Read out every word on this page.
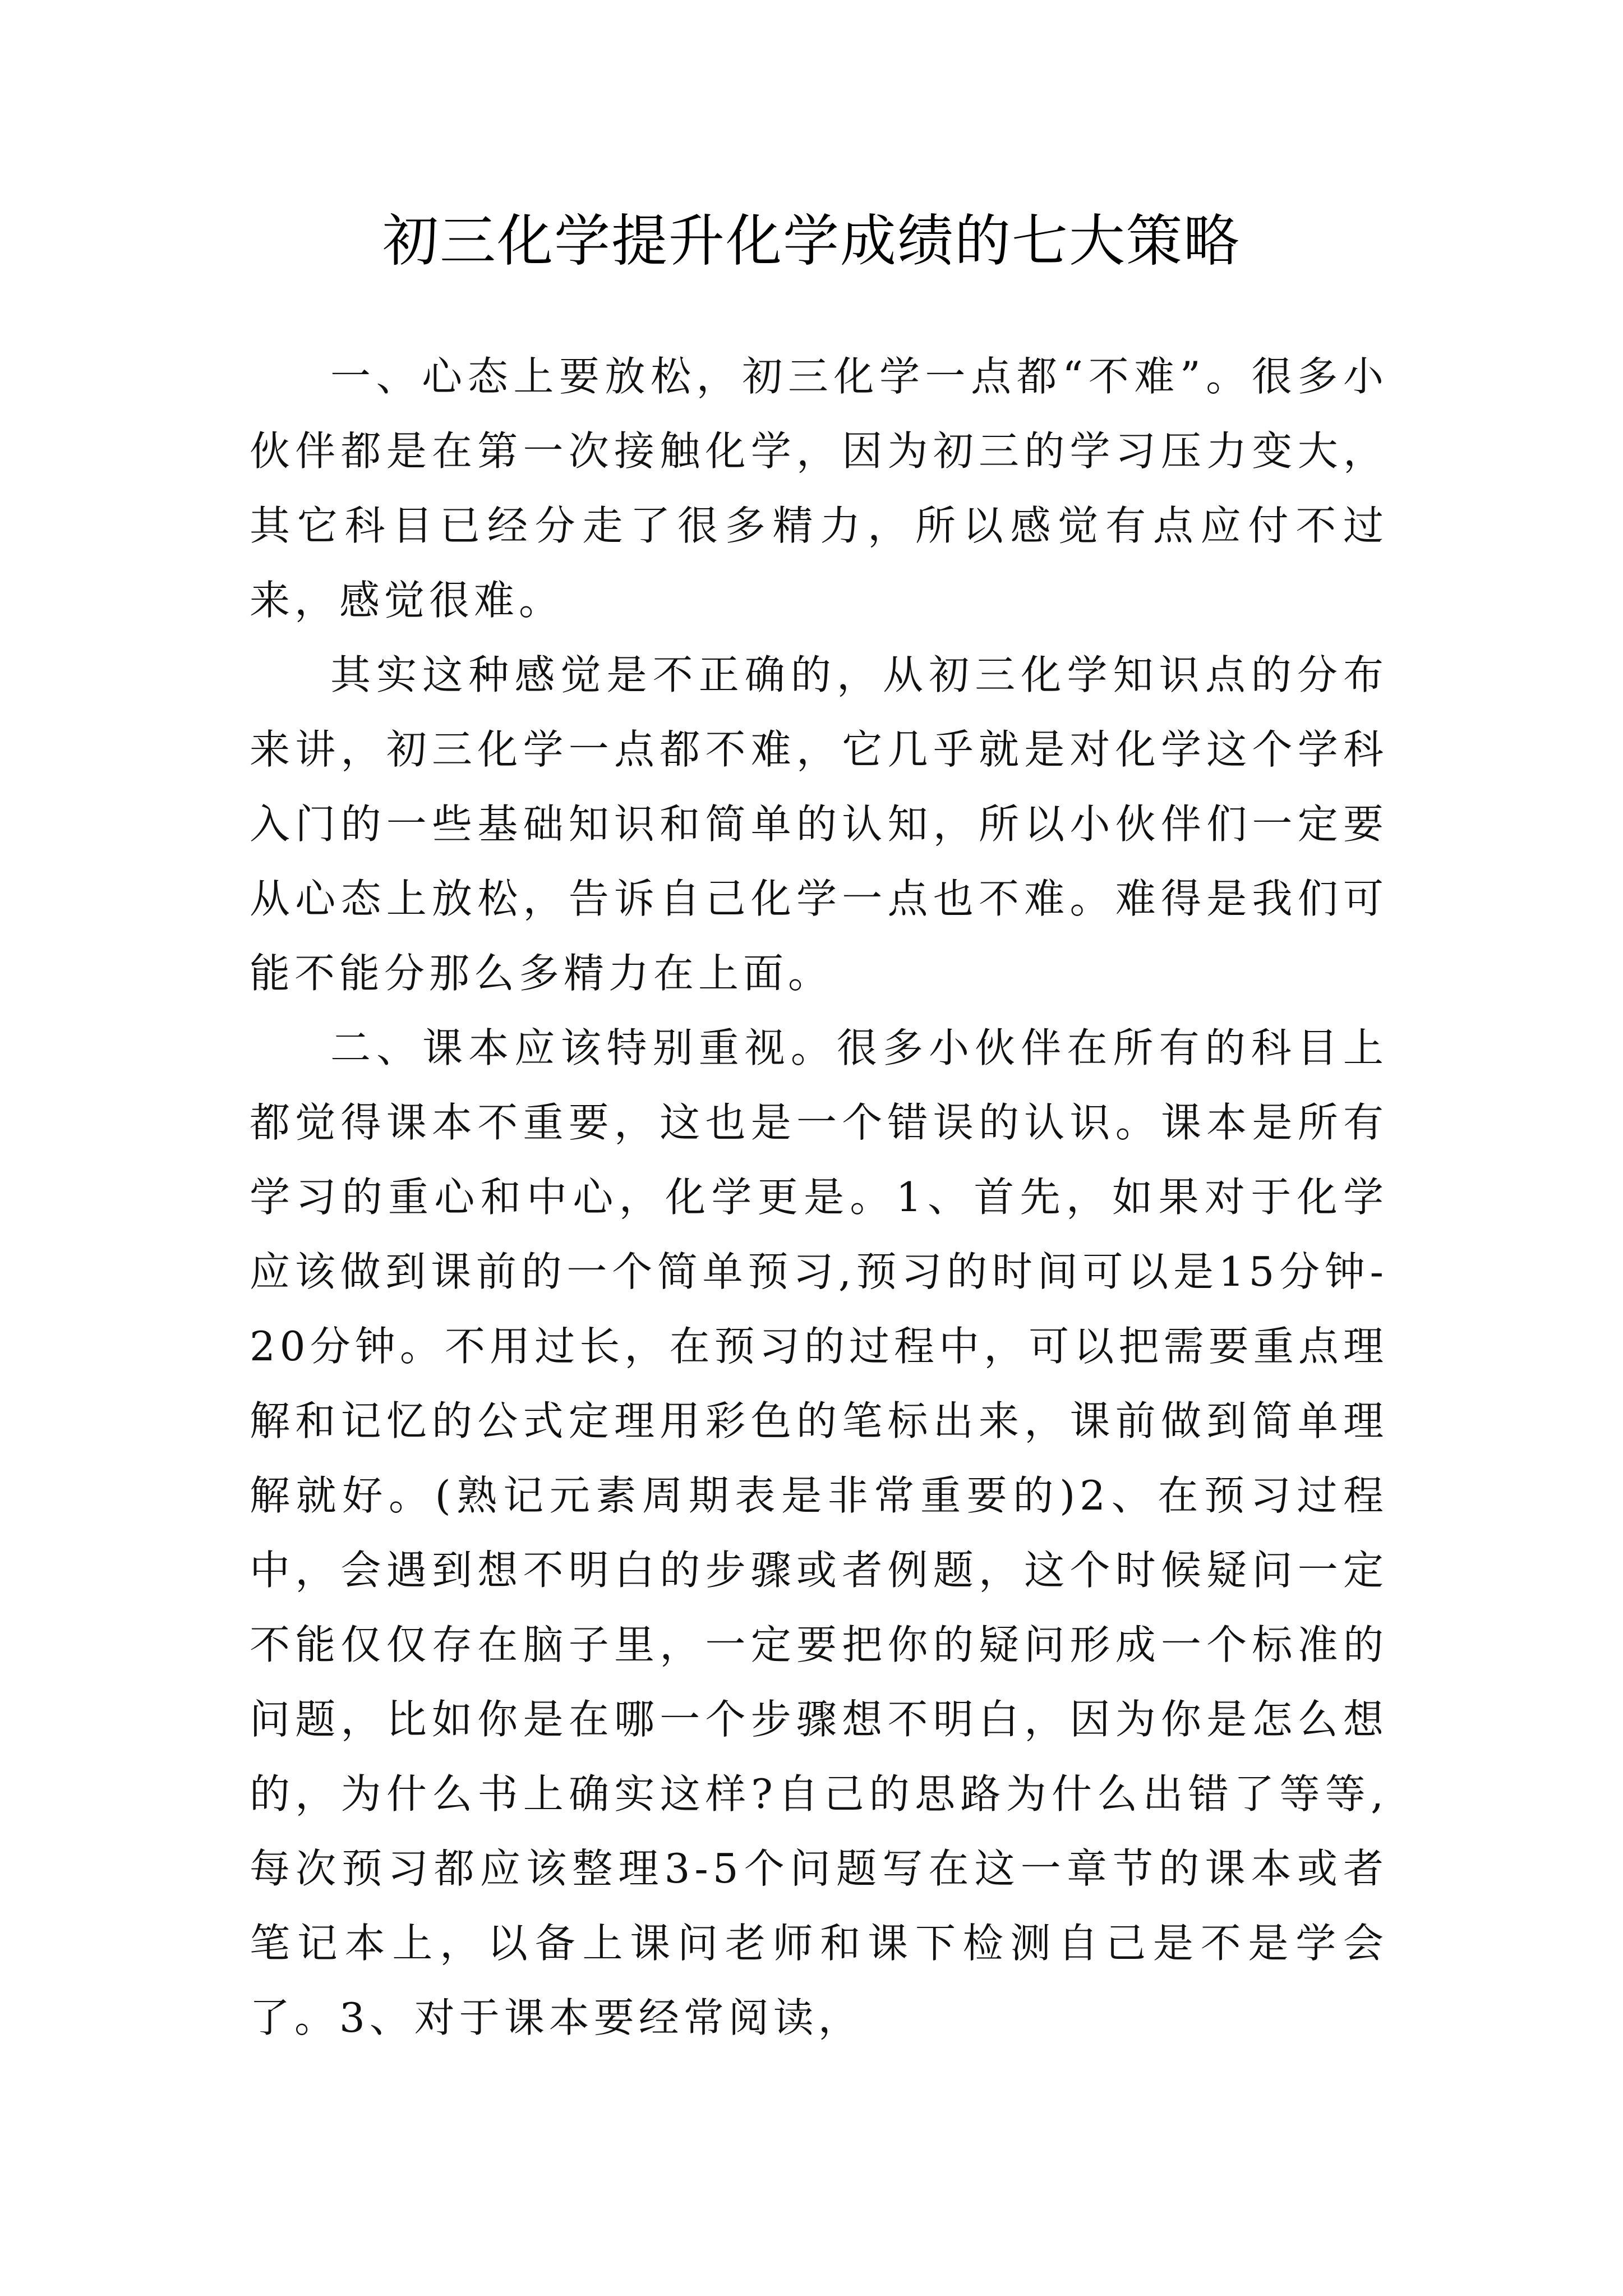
初三化学提升化学成绩的七大策略

一、心态上要放松，初三化学一点都“不难”。很多小伙伴都是在第一次接触化学，因为初三的学习压力变大，其它科目已经分走了很多精力，所以感觉有点应付不过来，感觉很难。

其实这种感觉是不正确的，从初三化学知识点的分布来讲，初三化学一点都不难，它几乎就是对化学这个学科入门的一些基础知识和简单的认知，所以小伙伴们一定要从心态上放松，告诉自己化学一点也不难。难得是我们可能不能分那么多精力在上面。

二、课本应该特别重视。很多小伙伴在所有的科目上都觉得课本不重要，这也是一个错误的认识。课本是所有学习的重心和中心，化学更是。1、首先，如果对于化学应该做到课前的一个简单预习,预习的时间可以是15分钟-20分钟。不用过长，在预习的过程中，可以把需要重点理解和记忆的公式定理用彩色的笔标出来，课前做到简单理解就好。(熟记元素周期表是非常重要的)2、在预习过程中，会遇到想不明白的步骤或者例题，这个时候疑问一定不能仅仅存在脑子里，一定要把你的疑问形成一个标准的问题，比如你是在哪一个步骤想不明白，因为你是怎么想的，为什么书上确实这样?自己的思路为什么出错了等等,每次预习都应该整理3-5个问题写在这一章节的课本或者笔记本上，以备上课问老师和课下检测自己是不是学会了。3、对于课本要经常阅读，
